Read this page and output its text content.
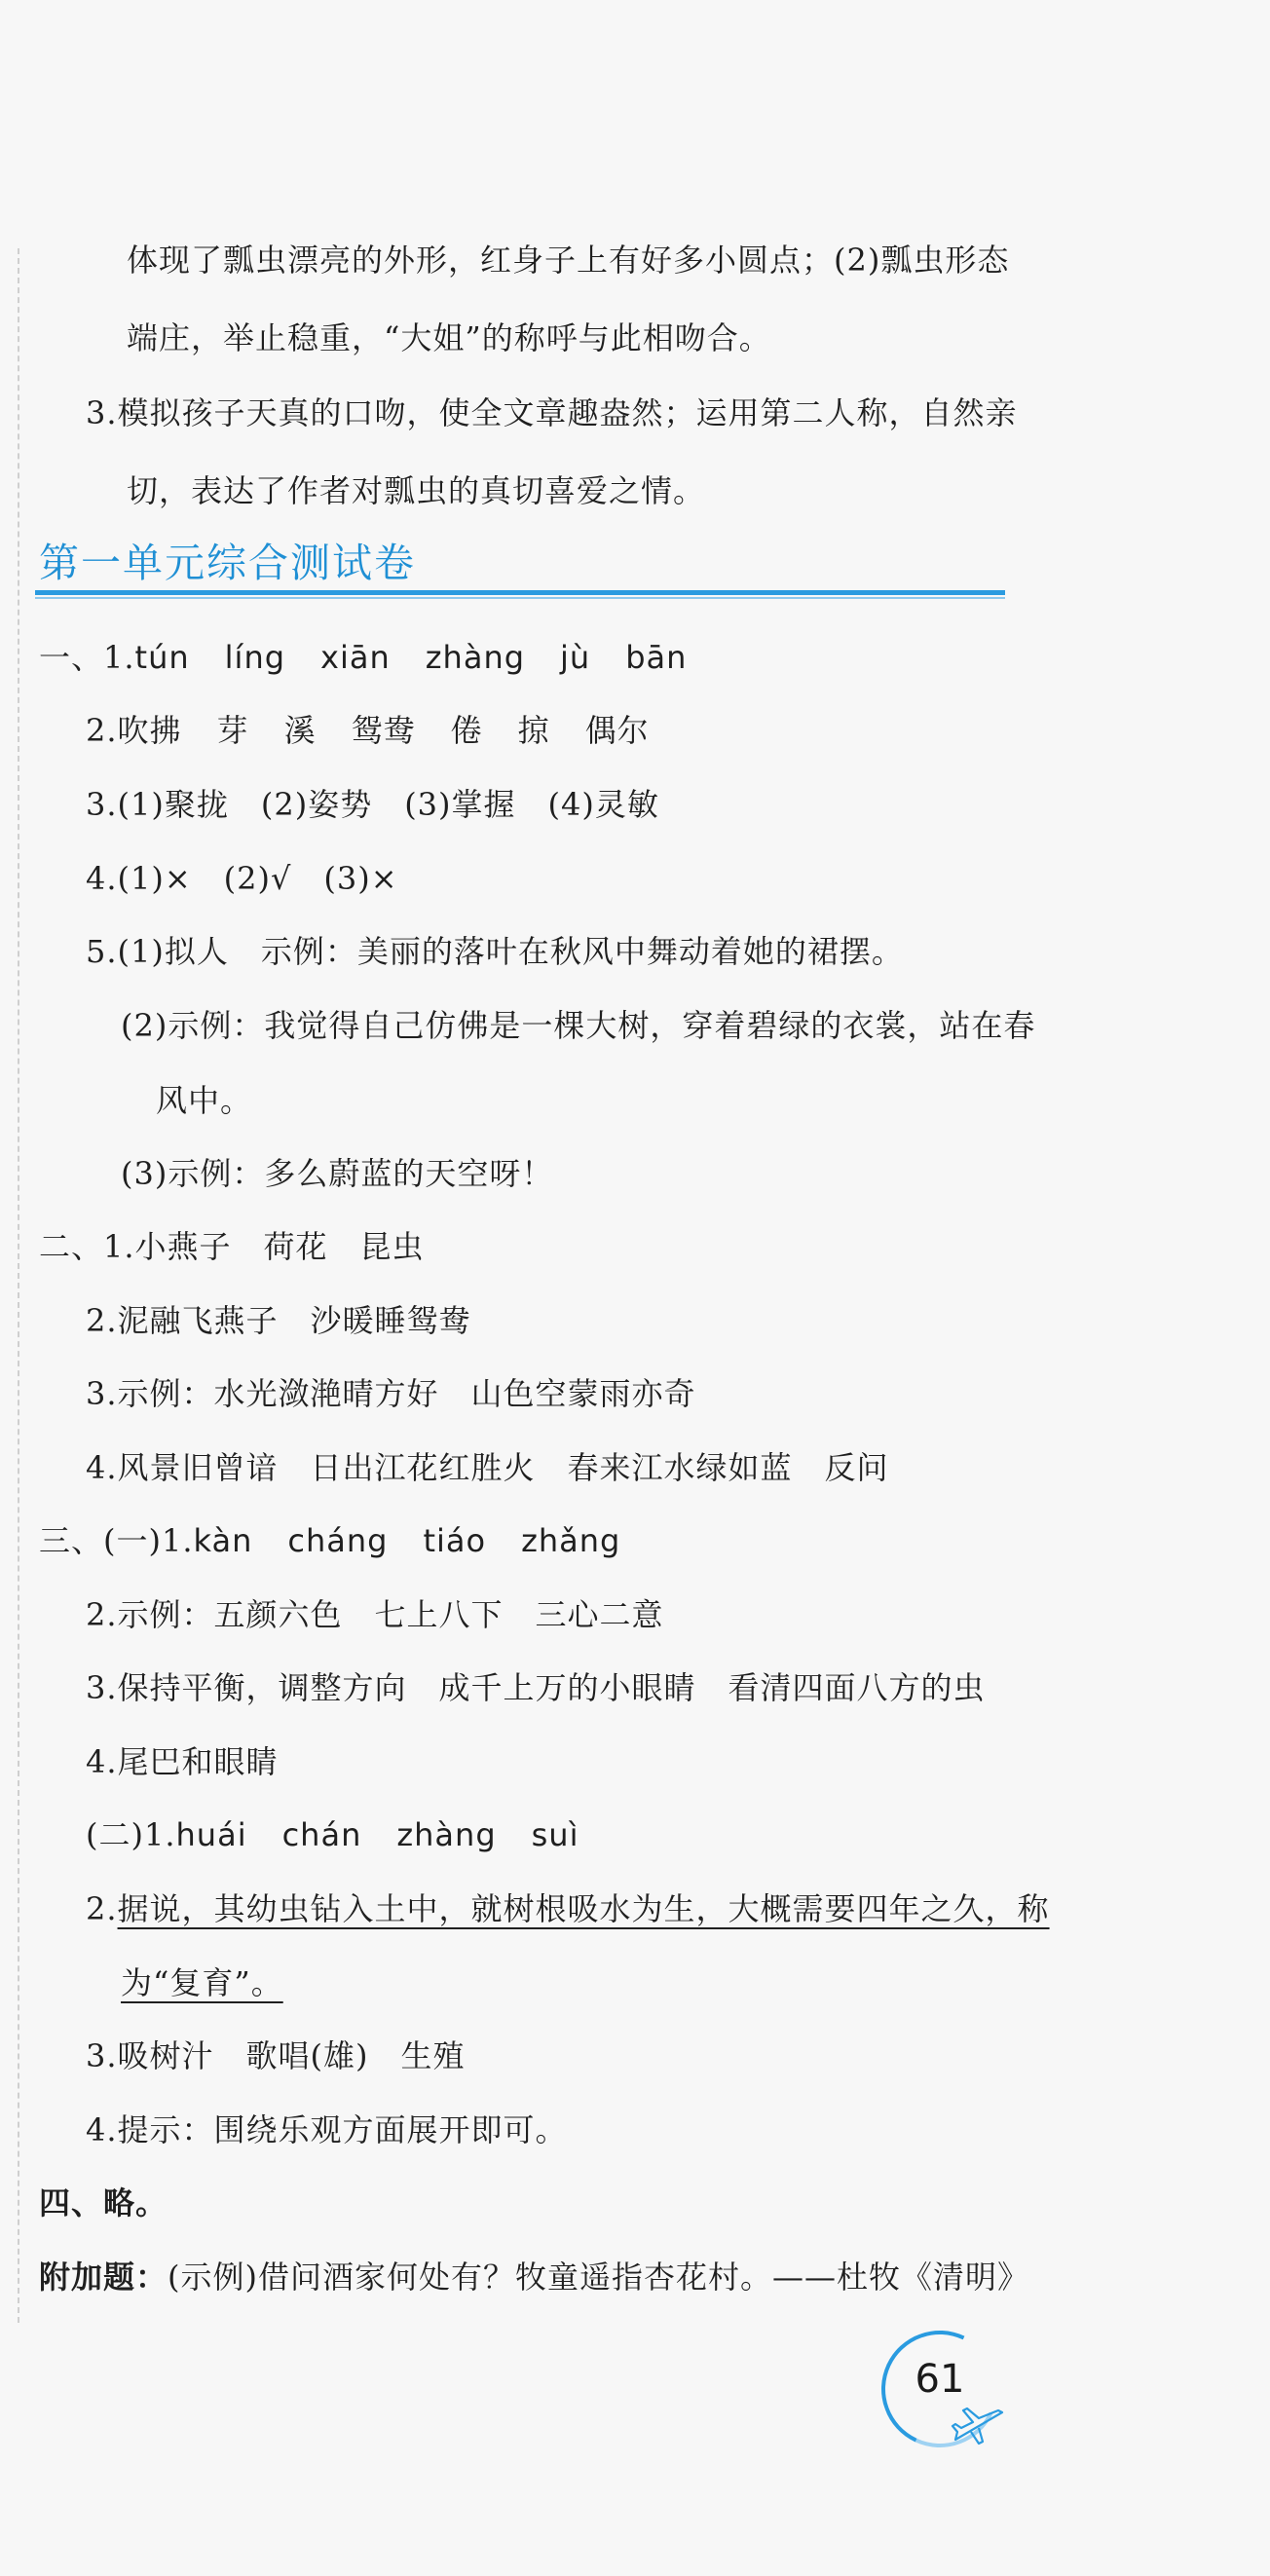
体现了瓢虫漂亮的外形，红身子上有好多小圆点；(2)瓢虫形态
端庄，举止稳重，“大姐”的称呼与此相吻合。
3.模拟孩子天真的口吻，使全文章趣盎然；运用第二人称，自然亲
切，表达了作者对瓢虫的真切喜爱之情。
第一单元综合测试卷
一、1.tún líng xiān zhàng jù bān
2.吹拂 芽 溪 鸳鸯 倦 掠 偶尔
3.(1)聚拢　(2)姿势　(3)掌握　(4)灵敏
4.(1)×　(2)√　(3)×
5.(1)拟人　示例：美丽的落叶在秋风中舞动着她的裙摆。
(2)示例：我觉得自己仿佛是一棵大树，穿着碧绿的衣裳，站在春
风中。
(3)示例：多么蔚蓝的天空呀！
二、1.小燕子　荷花　昆虫
2.泥融飞燕子　沙暖睡鸳鸯
3.示例：水光潋滟晴方好　山色空蒙雨亦奇
4.风景旧曾谙　日出江花红胜火　春来江水绿如蓝　反问
三、(一)1.kàn cháng tiáo zhǎng
2.示例：五颜六色　七上八下　三心二意
3.保持平衡，调整方向　成千上万的小眼睛　看清四面八方的虫
4.尾巴和眼睛
(二)1.huái chán zhàng suì
2.据说，其幼虫钻入土中，就树根吸水为生，大概需要四年之久，称
为“复育”。
3.吸树汁　歌唱(雄)　生殖
4.提示：围绕乐观方面展开即可。
四、略。
附加题：(示例)借问酒家何处有？牧童遥指杏花村。——杜牧《清明》
61
